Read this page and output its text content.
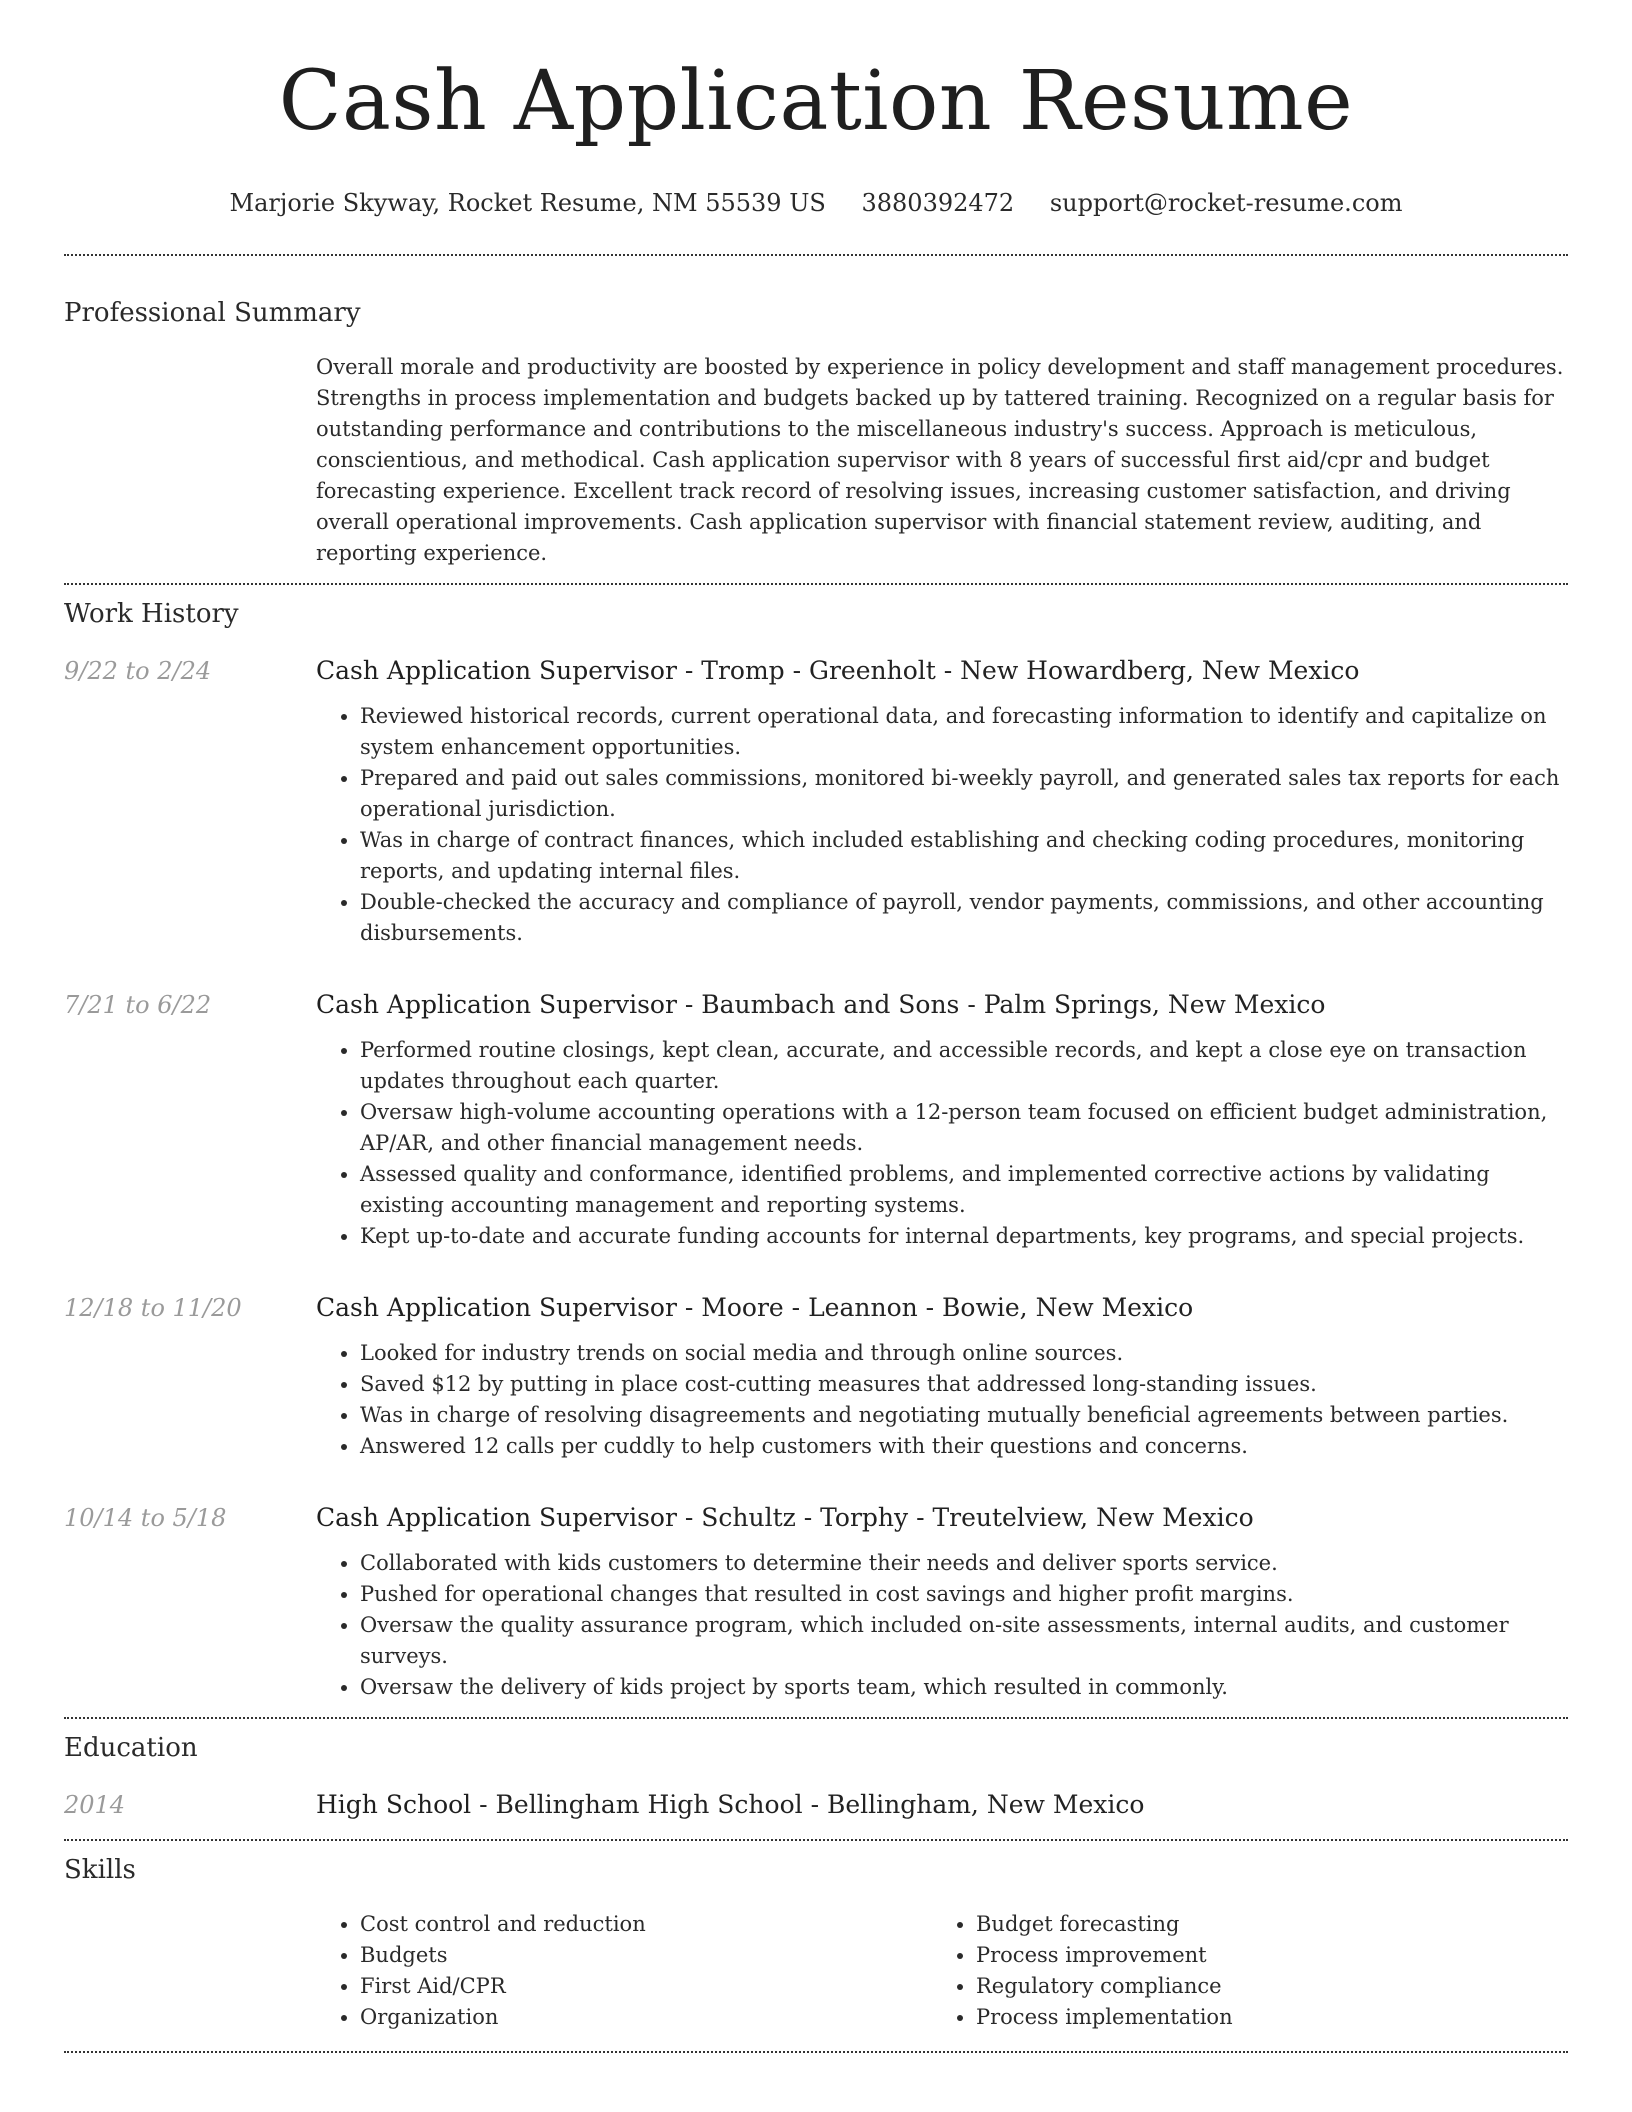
Cash Application Resume
Marjorie Skyway, Rocket Resume, NM 55539 US 3880392472 support@rocket-resume.com
Professional Summary
Overall morale and productivity are boosted by experience in policy development and staff management procedures. Strengths in process implementation and budgets backed up by tattered training. Recognized on a regular basis for outstanding performance and contributions to the miscellaneous industry's success. Approach is meticulous, conscientious, and methodical. Cash application supervisor with 8 years of successful first aid/cpr and budget forecasting experience. Excellent track record of resolving issues, increasing customer satisfaction, and driving overall operational improvements. Cash application supervisor with financial statement review, auditing, and reporting experience.
Work History
9/22 to 2/24	Cash Application Supervisor - Tromp - Greenholt - New Howardberg, New Mexico
• Reviewed historical records, current operational data, and forecasting information to identify and capitalize on system enhancement opportunities.
• Prepared and paid out sales commissions, monitored bi-weekly payroll, and generated sales tax reports for each operational jurisdiction.
• Was in charge of contract finances, which included establishing and checking coding procedures, monitoring reports, and updating internal files.
• Double-checked the accuracy and compliance of payroll, vendor payments, commissions, and other accounting disbursements.
7/21 to 6/22	Cash Application Supervisor - Baumbach and Sons - Palm Springs, New Mexico
• Performed routine closings, kept clean, accurate, and accessible records, and kept a close eye on transaction updates throughout each quarter.
• Oversaw high-volume accounting operations with a 12-person team focused on efficient budget administration, AP/AR, and other financial management needs.
• Assessed quality and conformance, identified problems, and implemented corrective actions by validating existing accounting management and reporting systems.
• Kept up-to-date and accurate funding accounts for internal departments, key programs, and special projects.
12/18 to 11/20	Cash Application Supervisor - Moore - Leannon - Bowie, New Mexico
• Looked for industry trends on social media and through online sources.
• Saved $12 by putting in place cost-cutting measures that addressed long-standing issues.
• Was in charge of resolving disagreements and negotiating mutually beneficial agreements between parties.
• Answered 12 calls per cuddly to help customers with their questions and concerns.
10/14 to 5/18	Cash Application Supervisor - Schultz - Torphy - Treutelview, New Mexico
• Collaborated with kids customers to determine their needs and deliver sports service.
• Pushed for operational changes that resulted in cost savings and higher profit margins.
• Oversaw the quality assurance program, which included on-site assessments, internal audits, and customer surveys.
• Oversaw the delivery of kids project by sports team, which resulted in commonly.
Education
2014	High School - Bellingham High School - Bellingham, New Mexico
Skills
• Cost control and reduction
• Budgets
• First Aid/CPR
• Organization
• Budget forecasting
• Process improvement
• Regulatory compliance
• Process implementation
